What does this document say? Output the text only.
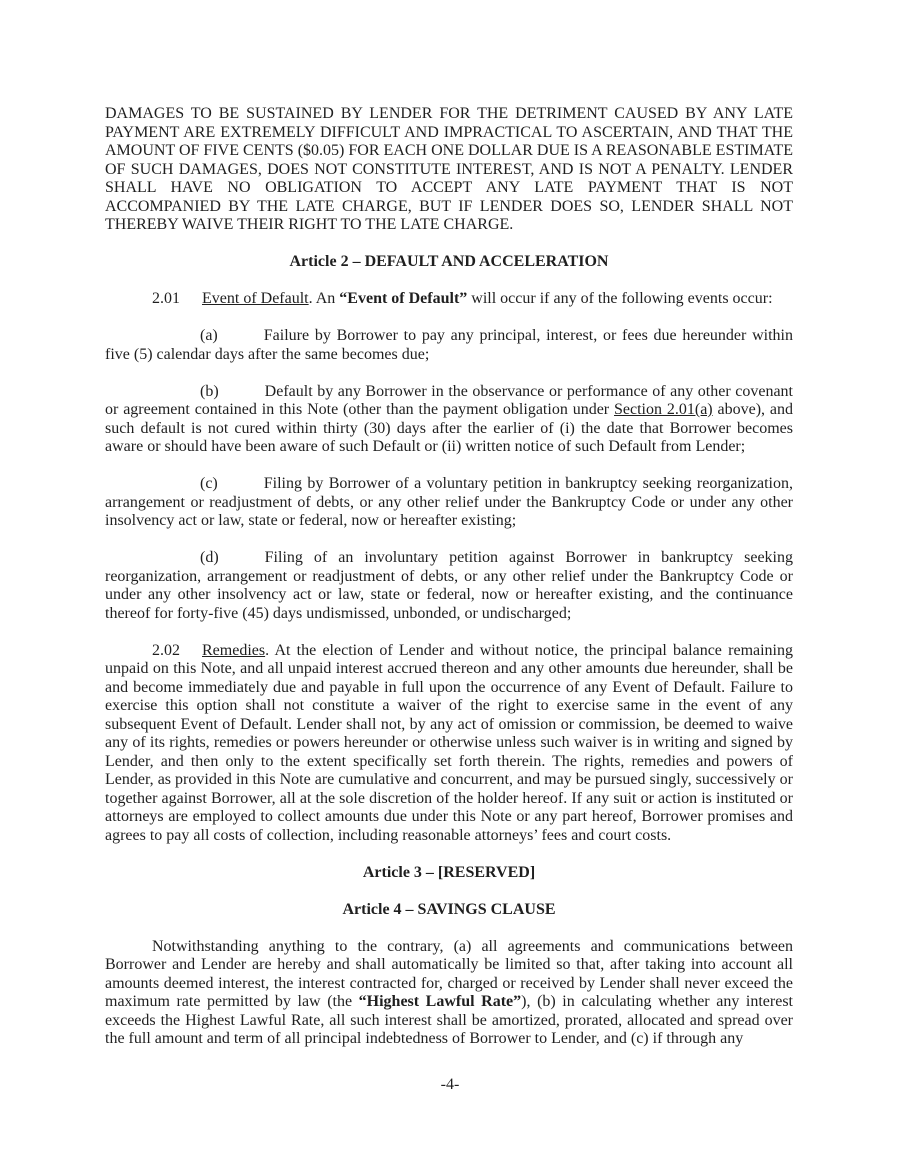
DAMAGES TO BE SUSTAINED BY LENDER FOR THE DETRIMENT CAUSED BY ANY LATE PAYMENT ARE EXTREMELY DIFFICULT AND IMPRACTICAL TO ASCERTAIN, AND THAT THE AMOUNT OF FIVE CENTS ($0.05) FOR EACH ONE DOLLAR DUE IS A REASONABLE ESTIMATE OF SUCH DAMAGES, DOES NOT CONSTITUTE INTEREST, AND IS NOT A PENALTY. LENDER SHALL HAVE NO OBLIGATION TO ACCEPT ANY LATE PAYMENT THAT IS NOT ACCOMPANIED BY THE LATE CHARGE, BUT IF LENDER DOES SO, LENDER SHALL NOT THEREBY WAIVE THEIR RIGHT TO THE LATE CHARGE.

Article 2 – DEFAULT AND ACCELERATION

2.01 Event of Default. An “Event of Default” will occur if any of the following events occur:

(a)	Failure by Borrower to pay any principal, interest, or fees due hereunder within five (5) calendar days after the same becomes due;

(b)	Default by any Borrower in the observance or performance of any other covenant or agreement contained in this Note (other than the payment obligation under Section 2.01(a) above), and such default is not cured within thirty (30) days after the earlier of (i) the date that Borrower becomes aware or should have been aware of such Default or (ii) written notice of such Default from Lender;

(c)	Filing by Borrower of a voluntary petition in bankruptcy seeking reorganization, arrangement or readjustment of debts, or any other relief under the Bankruptcy Code or under any other insolvency act or law, state or federal, now or hereafter existing;

(d)	Filing of an involuntary petition against Borrower in bankruptcy seeking reorganization, arrangement or readjustment of debts, or any other relief under the Bankruptcy Code or under any other insolvency act or law, state or federal, now or hereafter existing, and the continuance thereof for forty-five (45) days undismissed, unbonded, or undischarged;

2.02 Remedies. At the election of Lender and without notice, the principal balance remaining unpaid on this Note, and all unpaid interest accrued thereon and any other amounts due hereunder, shall be and become immediately due and payable in full upon the occurrence of any Event of Default. Failure to exercise this option shall not constitute a waiver of the right to exercise same in the event of any subsequent Event of Default. Lender shall not, by any act of omission or commission, be deemed to waive any of its rights, remedies or powers hereunder or otherwise unless such waiver is in writing and signed by Lender, and then only to the extent specifically set forth therein. The rights, remedies and powers of Lender, as provided in this Note are cumulative and concurrent, and may be pursued singly, successively or together against Borrower, all at the sole discretion of the holder hereof. If any suit or action is instituted or attorneys are employed to collect amounts due under this Note or any part hereof, Borrower promises and agrees to pay all costs of collection, including reasonable attorneys’ fees and court costs.

Article 3 – [RESERVED]

Article 4 – SAVINGS CLAUSE

Notwithstanding anything to the contrary, (a) all agreements and communications between Borrower and Lender are hereby and shall automatically be limited so that, after taking into account all amounts deemed interest, the interest contracted for, charged or received by Lender shall never exceed the maximum rate permitted by law (the “Highest Lawful Rate”), (b) in calculating whether any interest exceeds the Highest Lawful Rate, all such interest shall be amortized, prorated, allocated and spread over the full amount and term of all principal indebtedness of Borrower to Lender, and (c) if through any

-4-
